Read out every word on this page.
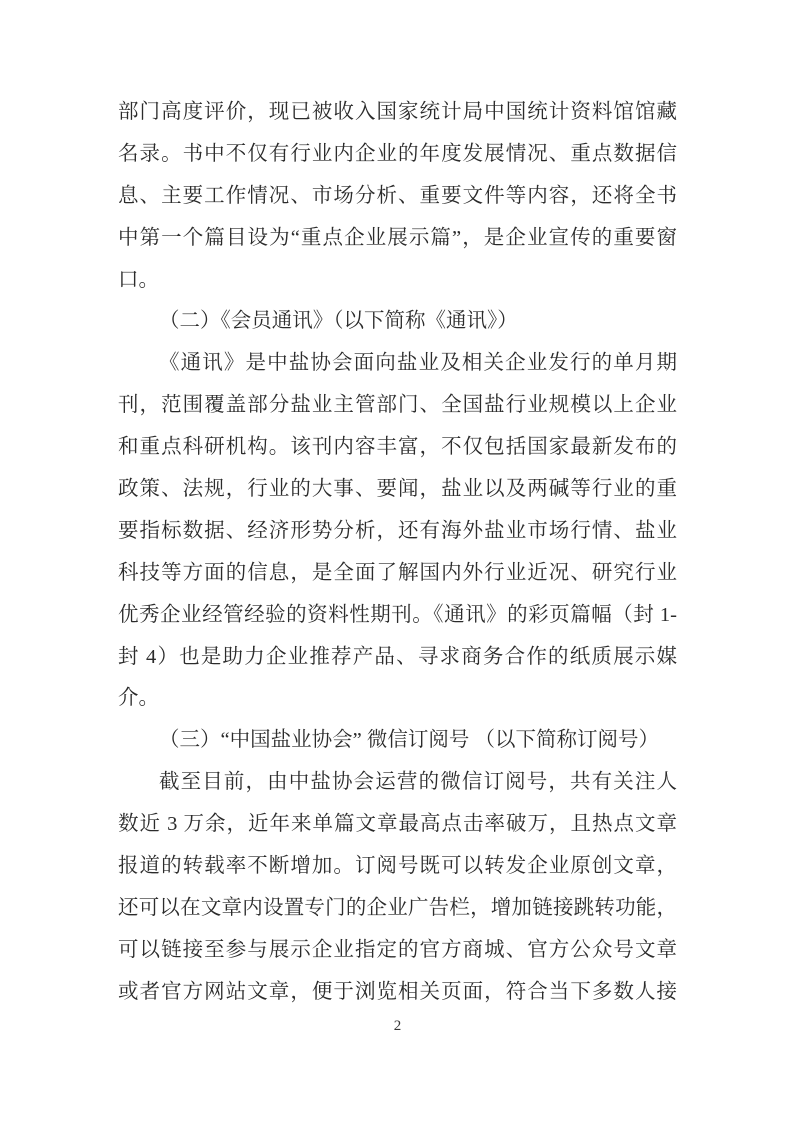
部门高度评价，现已被收入国家统计局中国统计资料馆馆藏
名录。书中不仅有行业内企业的年度发展情况、重点数据信
息、主要工作情况、市场分析、重要文件等内容，还将全书
中第一个篇目设为“重点企业展示篇”，是企业宣传的重要窗
口。
（二）《会员通讯》（以下简称《通讯》）
《通讯》是中盐协会面向盐业及相关企业发行的单月期
刊，范围覆盖部分盐业主管部门、全国盐行业规模以上企业
和重点科研机构。该刊内容丰富，不仅包括国家最新发布的
政策、法规，行业的大事、要闻，盐业以及两碱等行业的重
要指标数据、经济形势分析，还有海外盐业市场行情、盐业
科技等方面的信息，是全面了解国内外行业近况、研究行业
优秀企业经管经验的资料性期刊。《通讯》的彩页篇幅（封 1-
封 4）也是助力企业推荐产品、寻求商务合作的纸质展示媒
介。
（三）“中国盐业协会” 微信订阅号 （以下简称订阅号）
截至目前，由中盐协会运营的微信订阅号，共有关注人
数近 3 万余，近年来单篇文章最高点击率破万，且热点文章
报道的转载率不断增加。订阅号既可以转发企业原创文章，
还可以在文章内设置专门的企业广告栏，增加链接跳转功能，
可以链接至参与展示企业指定的官方商城、官方公众号文章
或者官方网站文章，便于浏览相关页面，符合当下多数人接
2
